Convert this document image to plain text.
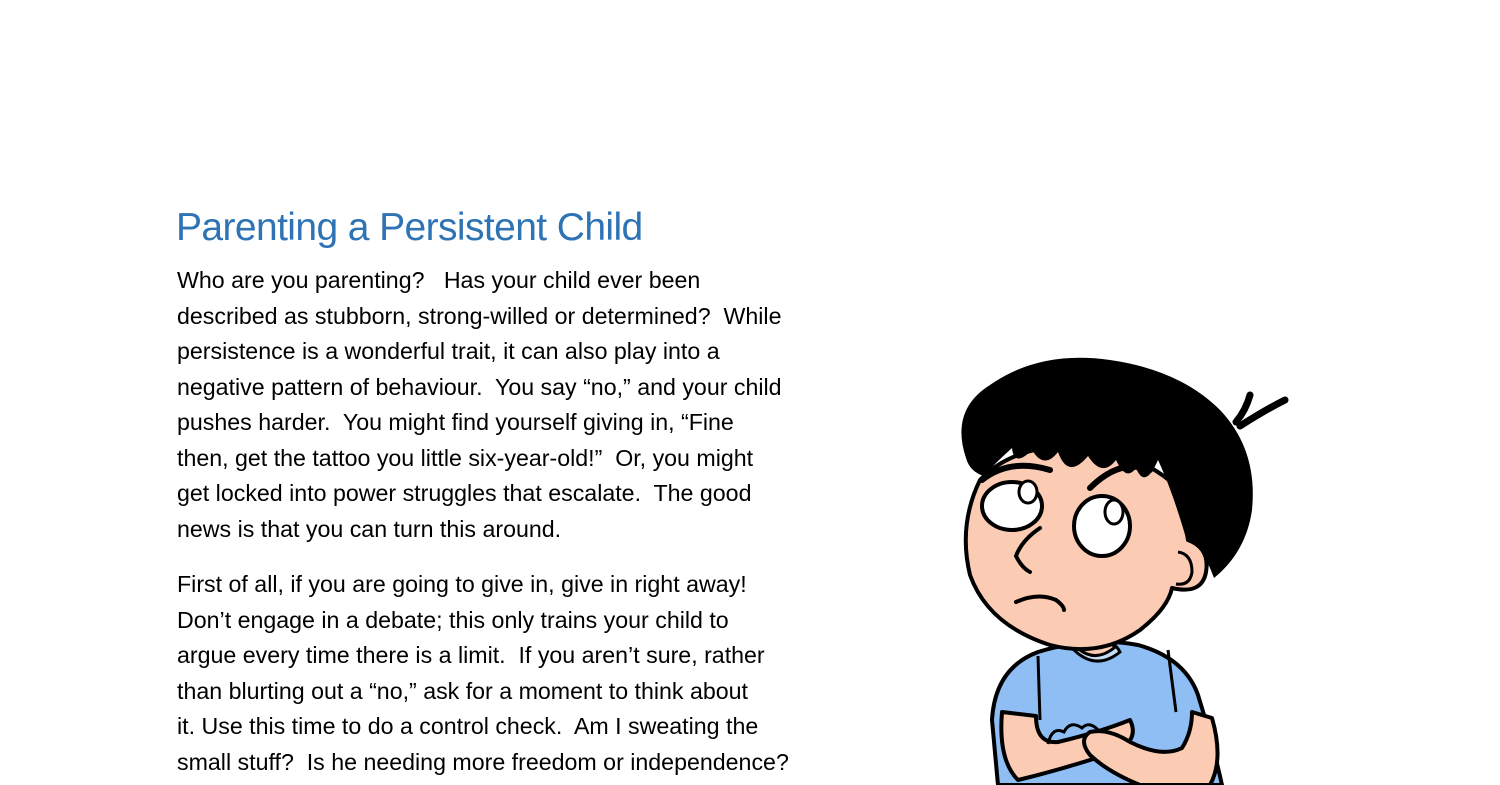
Parenting a Persistent Child
Who are you parenting?   Has your child ever been
described as stubborn, strong-willed or determined?  While
persistence is a wonderful trait, it can also play into a
negative pattern of behaviour.  You say “no,” and your child
pushes harder.  You might find yourself giving in, “Fine
then, get the tattoo you little six-year-old!”  Or, you might
get locked into power struggles that escalate.  The good
news is that you can turn this around.
First of all, if you are going to give in, give in right away!
Don’t engage in a debate; this only trains your child to
argue every time there is a limit.  If you aren’t sure, rather
than blurting out a “no,” ask for a moment to think about
it. Use this time to do a control check.  Am I sweating the
small stuff?  Is he needing more freedom or independence?
